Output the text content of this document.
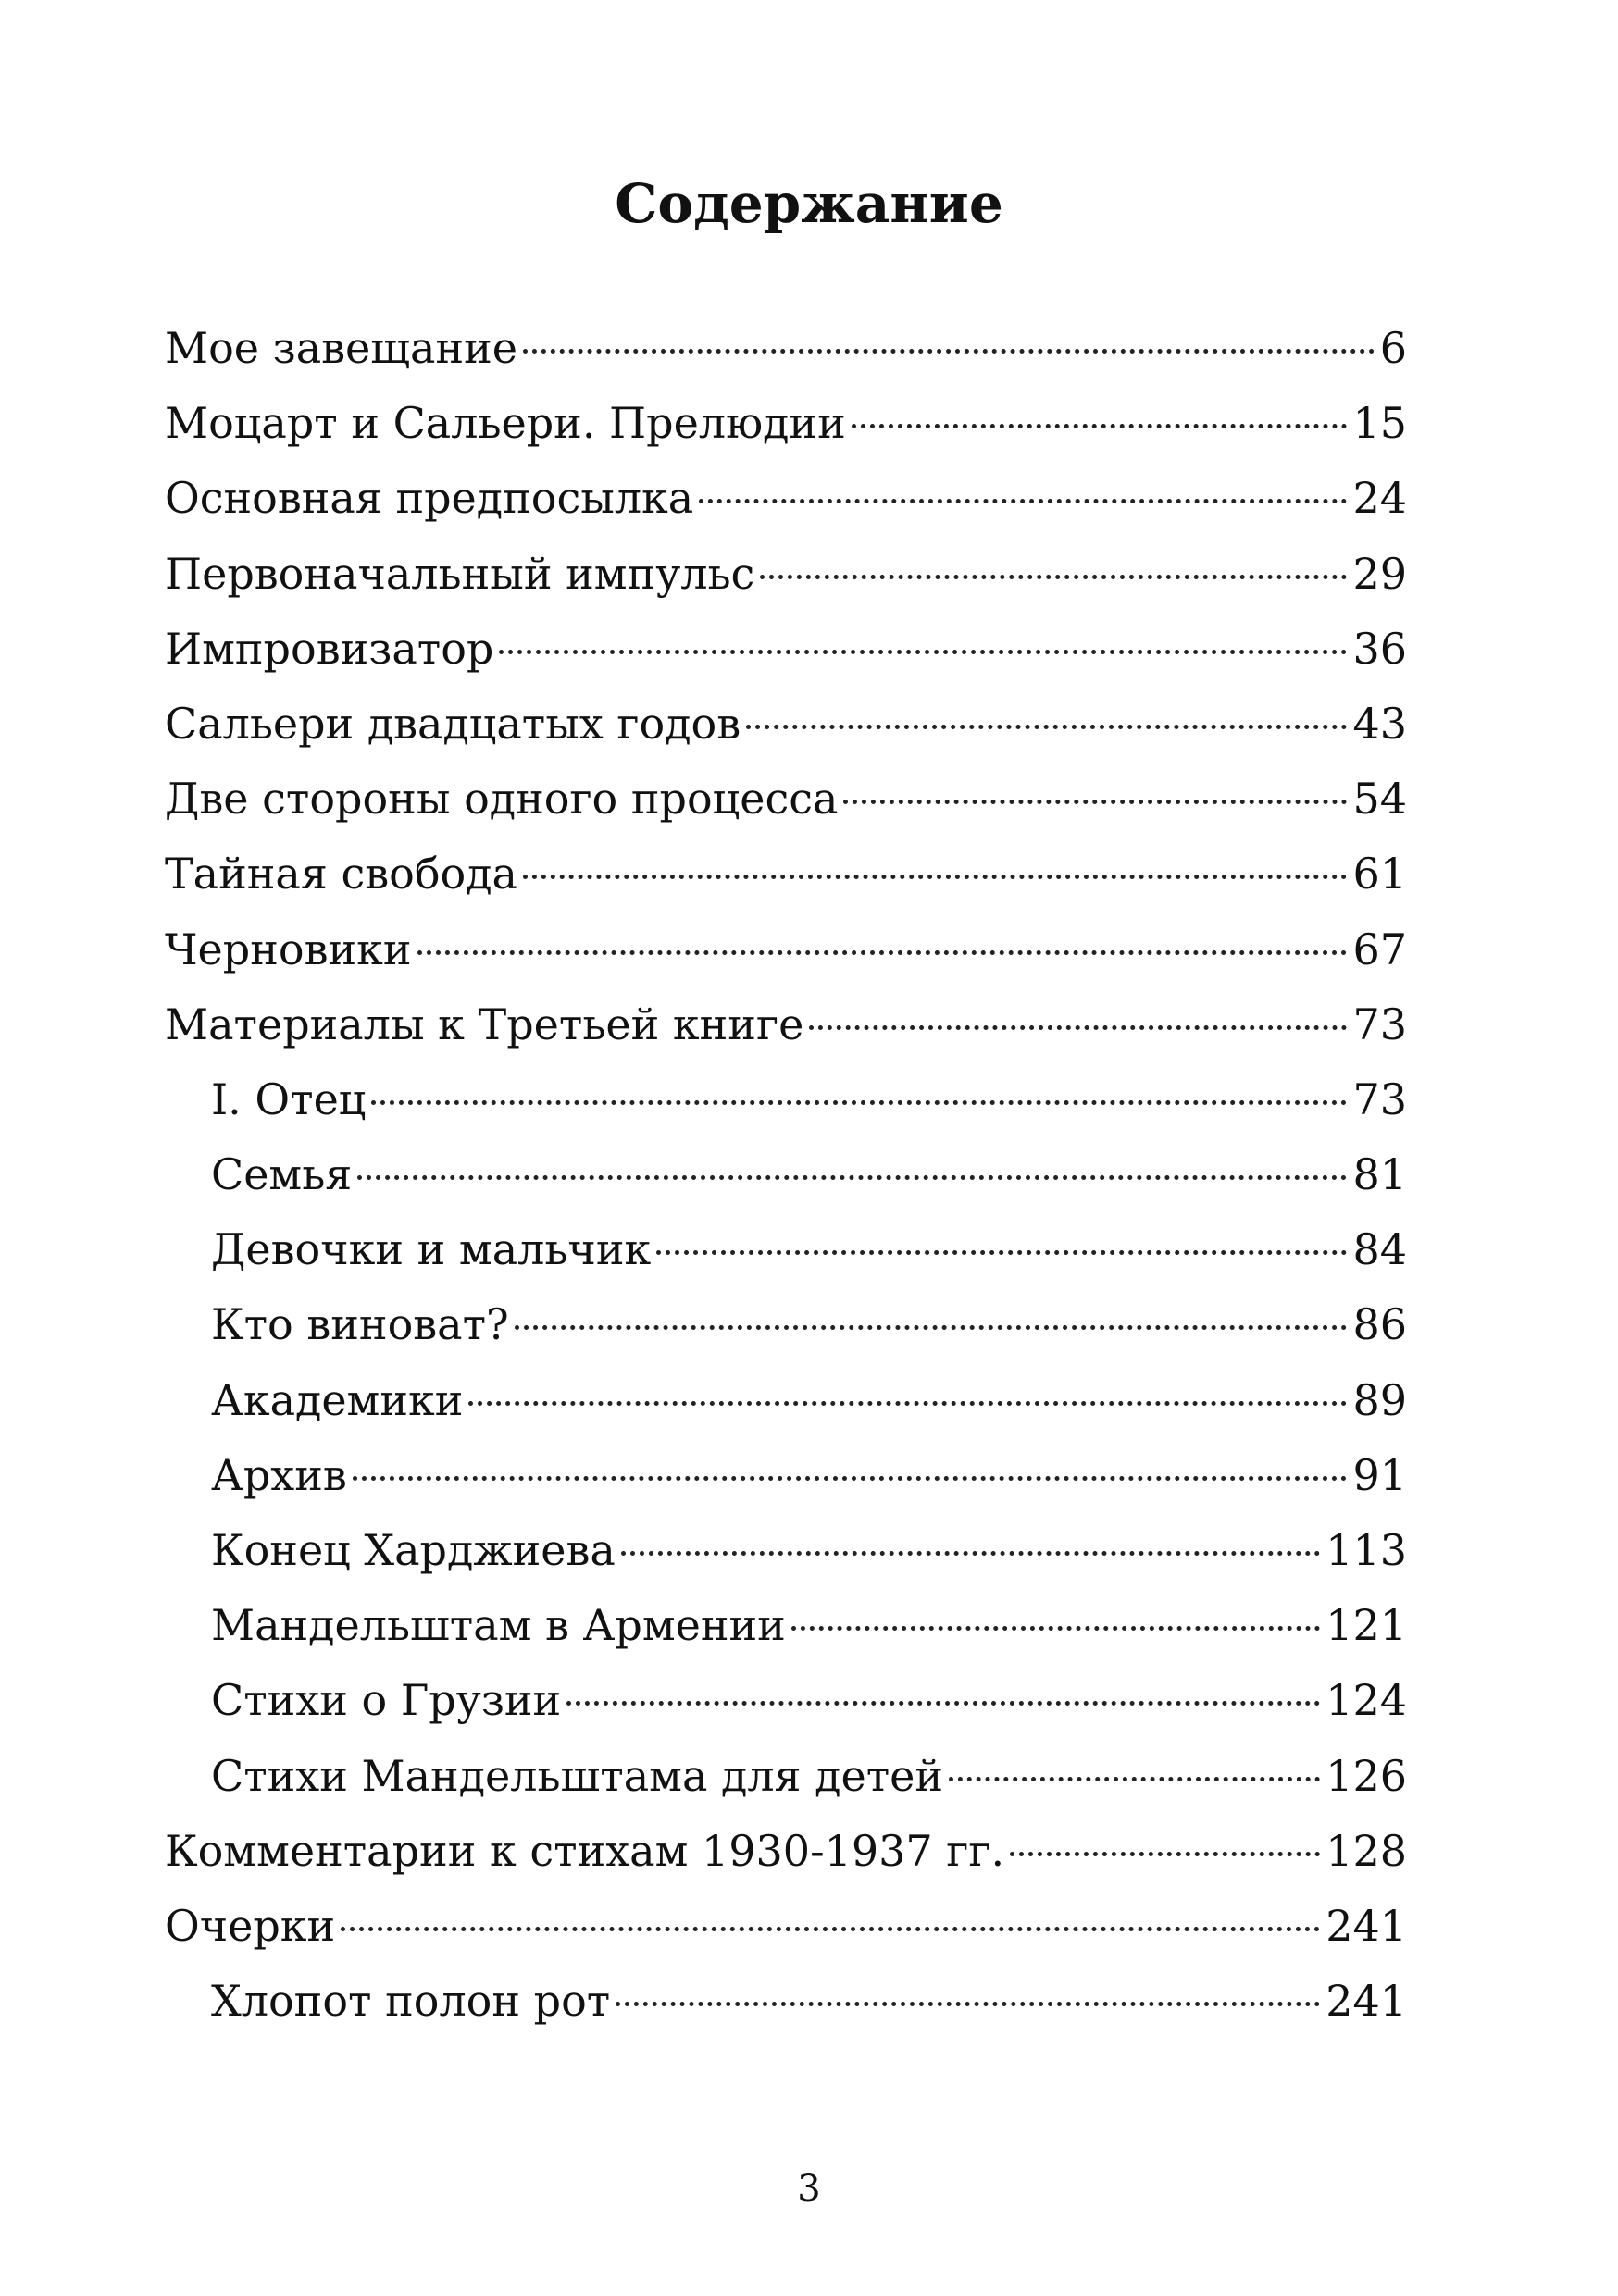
Содержание
Мое завещание	6
Моцарт и Сальери. Прелюдии	15
Основная предпосылка	24
Первоначальный импульс	29
Импровизатор	36
Сальери двадцатых годов	43
Две стороны одного процесса	54
Тайная свобода	61
Черновики	67
Материалы к Третьей книге	73
I. Отец	73
Семья	81
Девочки и мальчик	84
Кто виноват?	86
Академики	89
Архив	91
Конец Харджиева	113
Мандельштам в Армении	121
Стихи о Грузии	124
Стихи Мандельштама для детей	126
Комментарии к стихам 1930-1937 гг.	128
Очерки	241
Хлопот полон рот	241
3
